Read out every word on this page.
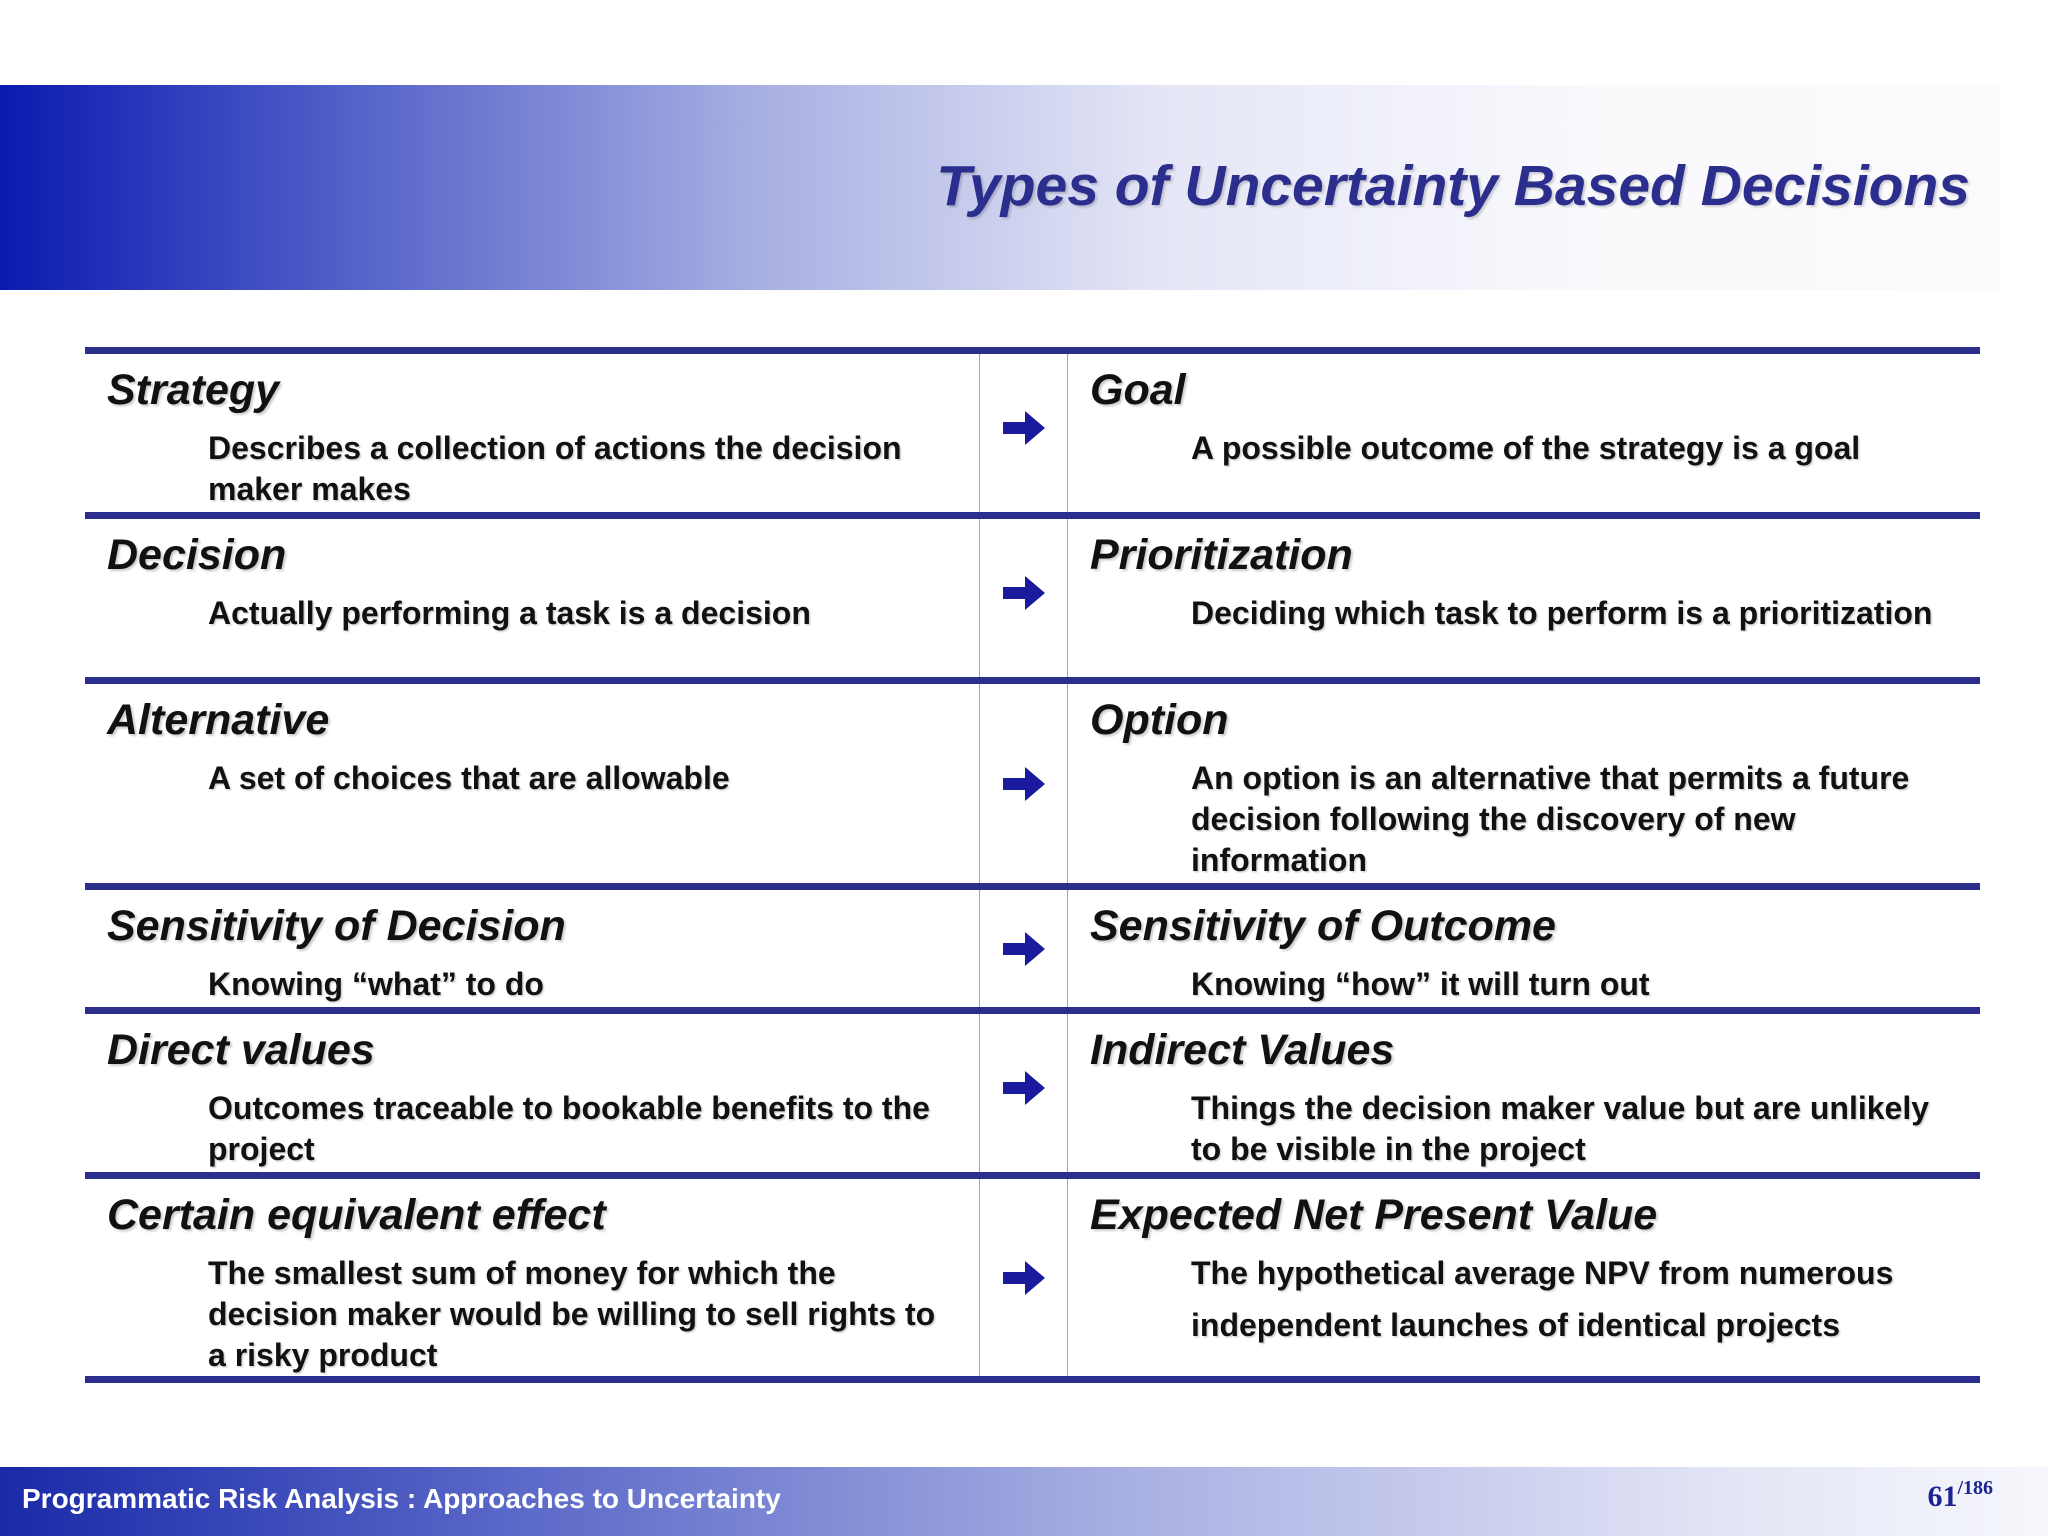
Types of Uncertainty Based Decisions
Strategy
Describes a collection of actions the decision maker makes
Goal
A possible outcome of the strategy is a goal
Decision
Actually performing a task is a decision
Prioritization
Deciding which task to perform is a prioritization
Alternative
A set of choices that are allowable
Option
An option is an alternative that permits a future decision following the discovery of new information
Sensitivity of Decision
Knowing “what” to do
Sensitivity of Outcome
Knowing “how” it will turn out
Direct values
Outcomes traceable to bookable benefits to the project
Indirect Values
Things the decision maker value but are unlikely to be visible in the project
Certain equivalent effect
The smallest sum of money for which the decision maker would be willing to sell rights to a risky product
Expected Net Present Value
The hypothetical average NPV from numerous independent launches of identical projects
Programmatic Risk Analysis : Approaches to Uncertainty	61/186
